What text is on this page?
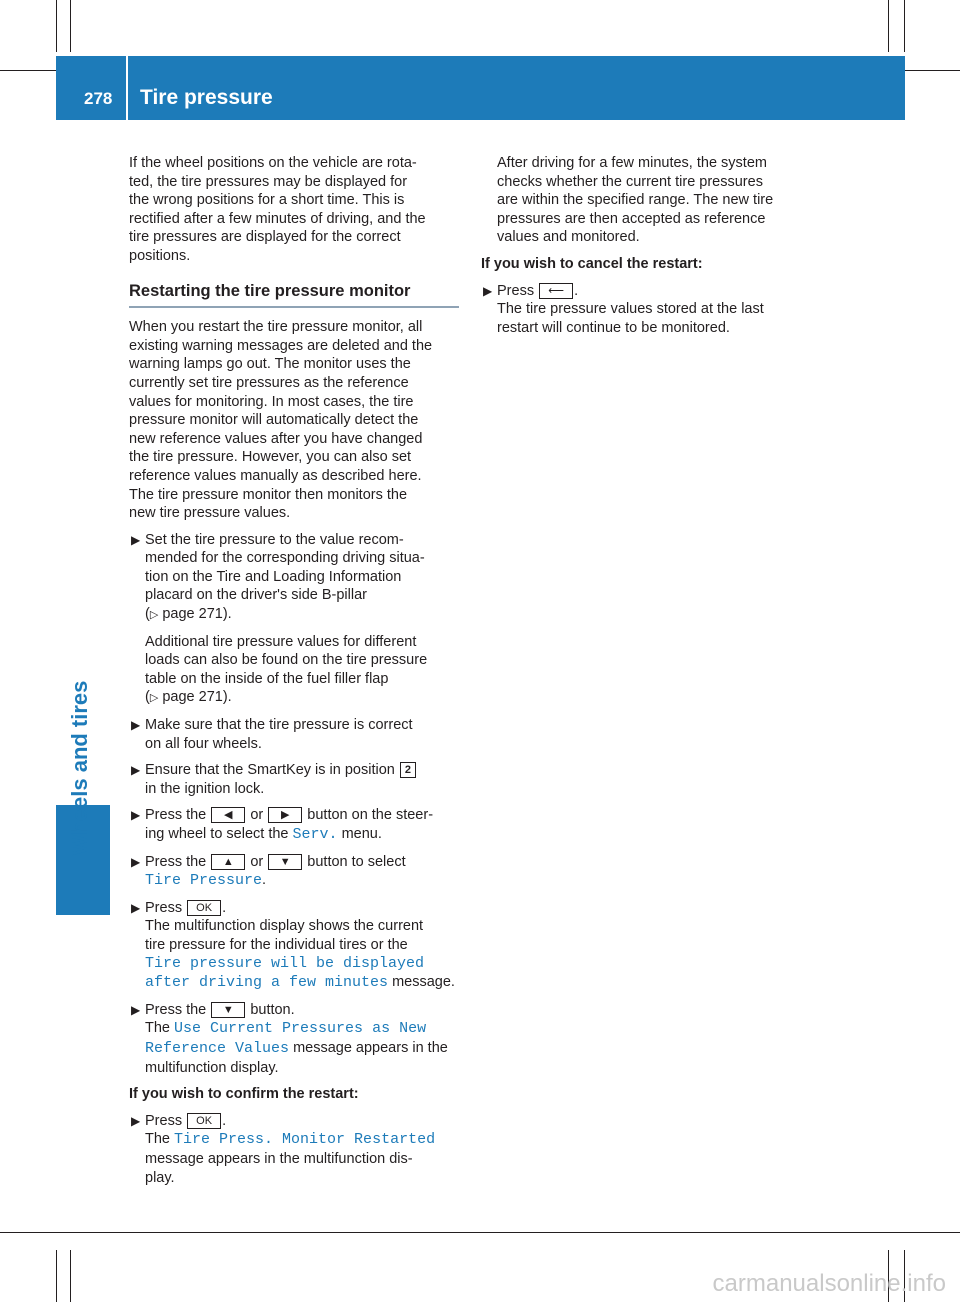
278 Tire pressure
Wheels and tires

If the wheel positions on the vehicle are rota-
ted, the tire pressures may be displayed for
the wrong positions for a short time. This is
rectified after a few minutes of driving, and the
tire pressures are displayed for the correct
positions.

Restarting the tire pressure monitor

When you restart the tire pressure monitor, all
existing warning messages are deleted and the
warning lamps go out. The monitor uses the
currently set tire pressures as the reference
values for monitoring. In most cases, the tire
pressure monitor will automatically detect the
new reference values after you have changed
the tire pressure. However, you can also set
reference values manually as described here.
The tire pressure monitor then monitors the
new tire pressure values.

▶ Set the tire pressure to the value recom-
mended for the corresponding driving situa-
tion on the Tire and Loading Information
placard on the driver's side B-pillar
(▷ page 271).
Additional tire pressure values for different
loads can also be found on the tire pressure
table on the inside of the fuel filler flap
(▷ page 271).
▶ Make sure that the tire pressure is correct
on all four wheels.
▶ Ensure that the SmartKey is in position 2
in the ignition lock.
▶ Press the ◀ or ▶ button on the steer-
ing wheel to select the Serv. menu.
▶ Press the ▲ or ▼ button to select
Tire Pressure.
▶ Press OK .
The multifunction display shows the current
tire pressure for the individual tires or the
Tire pressure will be displayed
after driving a few minutes message.
▶ Press the ▼ button.
The Use Current Pressures as New
Reference Values message appears in the
multifunction display.
If you wish to confirm the restart:
▶ Press OK .
The Tire Press. Monitor Restarted
message appears in the multifunction dis-
play.

After driving for a few minutes, the system
checks whether the current tire pressures
are within the specified range. The new tire
pressures are then accepted as reference
values and monitored.

If you wish to cancel the restart:
▶ Press ⟵ .
The tire pressure values stored at the last
restart will continue to be monitored.
carmanualsonline.info
